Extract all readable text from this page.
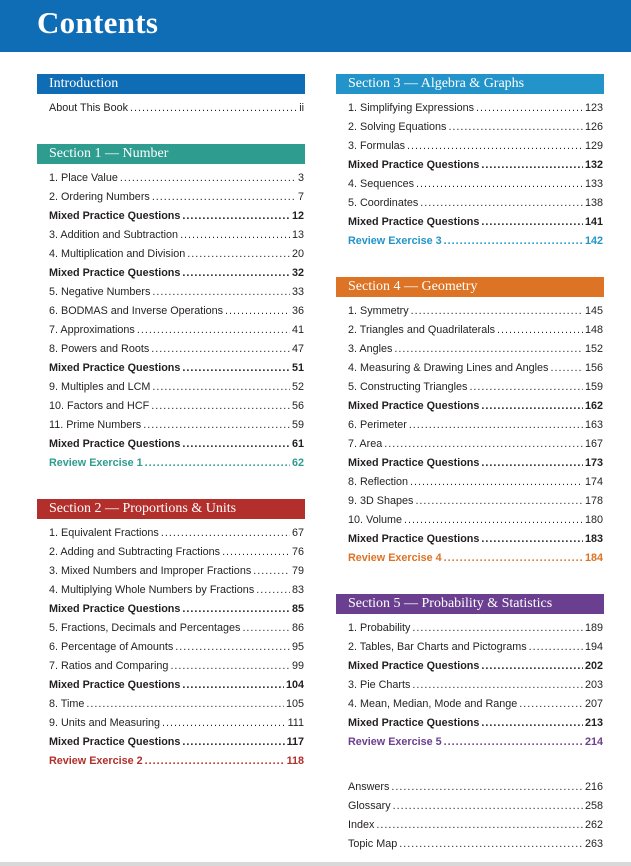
Contents
Introduction
About This Book .....	ii
Section 1 — Number
1. Place Value .....	3
2. Ordering Numbers .....	7
Mixed Practice Questions .....	12
3. Addition and Subtraction .....	13
4. Multiplication and Division .....	20
Mixed Practice Questions .....	32
5. Negative Numbers .....	33
6. BODMAS and Inverse Operations .....	36
7. Approximations .....	41
8. Powers and Roots .....	47
Mixed Practice Questions .....	51
9. Multiples and LCM .....	52
10. Factors and HCF .....	56
11. Prime Numbers .....	59
Mixed Practice Questions .....	61
Review Exercise 1 .....	62
Section 2 — Proportions & Units
1. Equivalent Fractions .....	67
2. Adding and Subtracting Fractions .....	76
3. Mixed Numbers and Improper Fractions .....	79
4. Multiplying Whole Numbers by Fractions .....	83
Mixed Practice Questions .....	85
5. Fractions, Decimals and Percentages .....	86
6. Percentage of Amounts .....	95
7. Ratios and Comparing .....	99
Mixed Practice Questions .....	104
8. Time .....	105
9. Units and Measuring .....	111
Mixed Practice Questions .....	117
Review Exercise 2 .....	118
Section 3 — Algebra & Graphs
1. Simplifying Expressions .....	123
2. Solving Equations .....	126
3. Formulas .....	129
Mixed Practice Questions .....	132
4. Sequences .....	133
5. Coordinates .....	138
Mixed Practice Questions .....	141
Review Exercise 3 .....	142
Section 4 — Geometry
1. Symmetry .....	145
2. Triangles and Quadrilaterals .....	148
3. Angles .....	152
4. Measuring & Drawing Lines and Angles .....	156
5. Constructing Triangles .....	159
Mixed Practice Questions .....	162
6. Perimeter .....	163
7. Area .....	167
Mixed Practice Questions .....	173
8. Reflection .....	174
9. 3D Shapes .....	178
10. Volume .....	180
Mixed Practice Questions .....	183
Review Exercise 4 .....	184
Section 5 — Probability & Statistics
1. Probability .....	189
2. Tables, Bar Charts and Pictograms .....	194
Mixed Practice Questions .....	202
3. Pie Charts .....	203
4. Mean, Median, Mode and Range .....	207
Mixed Practice Questions .....	213
Review Exercise 5 .....	214
Answers .....	216
Glossary .....	258
Index .....	262
Topic Map .....	263
